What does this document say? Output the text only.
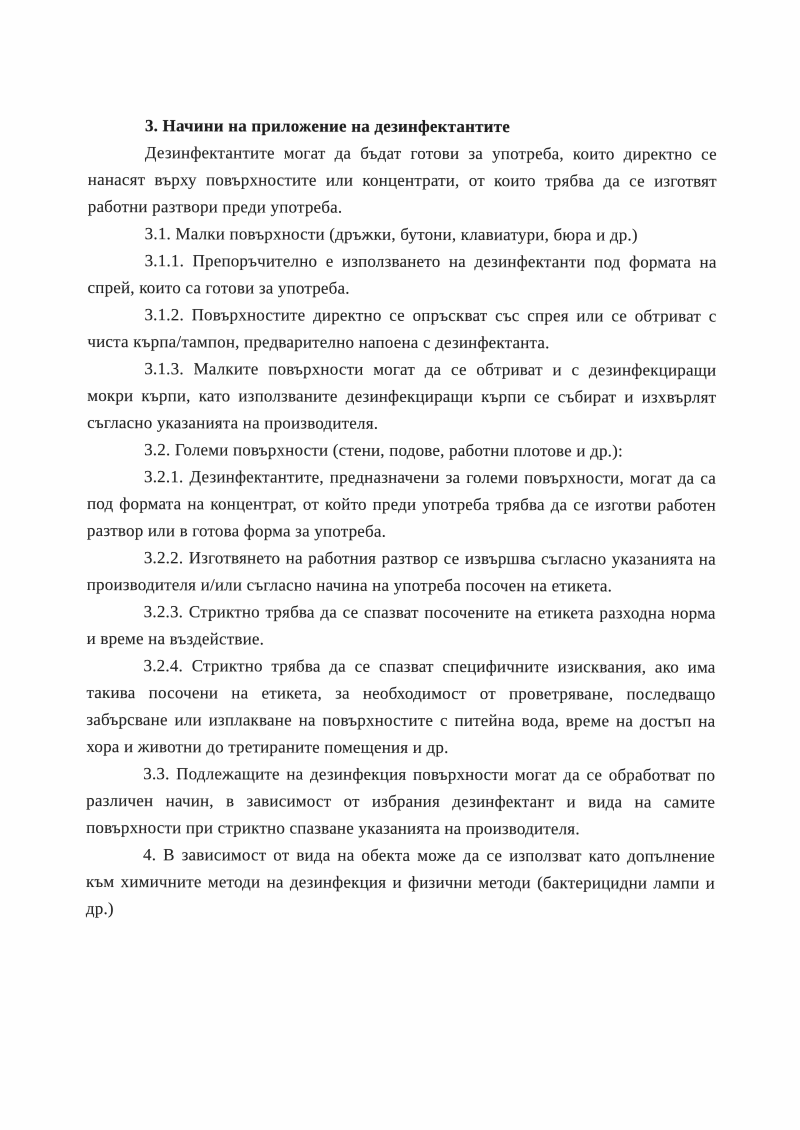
3. Начини на приложение на дезинфектантите

Дезинфектантите могат да бъдат готови за употреба, които директно се нанасят върху повърхностите или концентрати, от които трябва да се изготвят работни разтвори преди употреба.

3.1. Малки повърхности (дръжки, бутони, клавиатури, бюра и др.)

3.1.1. Препоръчително е използването на дезинфектанти под формата на спрей, които са готови за употреба.

3.1.2. Повърхностите директно се опръскват със спрея или се обтриват с чиста кърпа/тампон, предварително напоена с дезинфектанта.

3.1.3. Малките повърхности могат да се обтриват и с дезинфекциращи мокри кърпи, като използваните дезинфекциращи кърпи се събират и изхвърлят съгласно указанията на производителя.

3.2. Големи повърхности (стени, подове, работни плотове и др.):

3.2.1. Дезинфектантите, предназначени за големи повърхности, могат да са под формата на концентрат, от който преди употреба трябва да се изготви работен разтвор или в готова форма за употреба.

3.2.2. Изготвянето на работния разтвор се извършва съгласно указанията на производителя и/или съгласно начина на употреба посочен на етикета.

3.2.3. Стриктно трябва да се спазват посочените на етикета разходна норма и време на въздействие.

3.2.4. Стриктно трябва да се спазват специфичните изисквания, ако има такива посочени на етикета, за необходимост от проветряване, последващо забърсване или изплакване на повърхностите с питейна вода, време на достъп на хора и животни до третираните помещения и др.

3.3. Подлежащите на дезинфекция повърхности могат да се обработват по различен начин, в зависимост от избрания дезинфектант и вида на самите повърхности при стриктно спазване указанията на производителя.

4. В зависимост от вида на обекта може да се използват като допълнение към химичните методи на дезинфекция и физични методи (бактерицидни лампи и др.)
